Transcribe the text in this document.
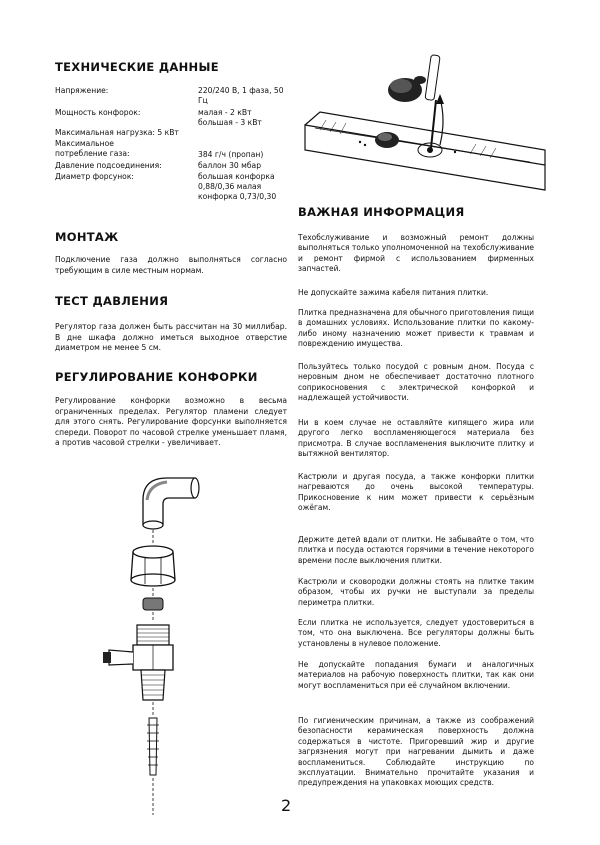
ТЕХНИЧЕСКИЕ ДАННЫЕ
Напряжение:	220/240 В, 1 фаза, 50 Гц
Мощность конфорок:	малая - 2 кВт большая - 3 кВт
Максимальная нагрузка: 5 кВт
Максимальное потребление газа:	384 г/ч (пропан)
Давление подсоединения:	баллон 30 мбар
Диаметр форсунок:	большая конфорка 0,88/0,36 малая конфорка 0,73/0,30
МОНТАЖ
Подключение газа должно выполняться согласно требующим в силе местным нормам.
ТЕСТ ДАВЛЕНИЯ
Регулятор газа должен быть рассчитан на 30 миллибар. В дне шкафа должно иметься выходное отверстие диаметром не менее 5 см.
РЕГУЛИРОВАНИЕ КОНФОРКИ
Регулирование конфорки возможно в весьма ограниченных пределах. Регулятор пламени следует для этого снять. Регулирование форсунки выполняется спереди. Поворот по часовой стрелке уменьшает пламя, а против часовой стрелки - увеличивает.
ВАЖНАЯ ИНФОРМАЦИЯ
Техобслуживание и возможный ремонт должны выполняться только уполномоченной на техобслуживание и ремонт фирмой с использованием фирменных запчастей.
Не допускайте зажима кабеля питания плитки.
Плитка предназначена для обычного приготовления пищи в домашних условиях. Использование плитки по какому-либо иному назначению может привести к травмам и повреждению имущества.
Пользуйтесь только посудой с ровным дном. Посуда с неровным дном не обеспечивает достаточно плотного соприкосновения с электрической конфоркой и надлежащей устойчивости.
Ни в коем случае не оставляйте кипящего жира или другого легко воспламеняющегося материала без присмотра. В случае воспламенения выключите плитку и вытяжной вентилятор.
Кастрюли и другая посуда, а также конфорки плитки нагреваются до очень высокой температуры. Прикосновение к ним может привести к серьёзным ожёгам.
Держите детей вдали от плитки. Не забывайте о том, что плитка и посуда остаются горячими в течение некоторого времени после выключения плитки.
Кастрюли и сковородки должны стоять на плитке таким образом, чтобы их ручки не выступали за пределы периметра плитки.
Если плитка не используется, следует удостовериться в том, что она выключена. Все регуляторы должны быть установлены в нулевое положение.
Не допускайте попадания бумаги и аналогичных материалов на рабочую поверхность плитки, так как они могут воспламениться при её случайном включении.
По гигиеническим причинам, а также из соображений безопасности керамическая поверхность должна содержаться в чистоте. Пригоревший жир и другие загрязнения могут при нагревании дымить и даже воспламениться. Соблюдайте инструкцию по эксплуатации. Внимательно прочитайте указания и предупреждения на упаковках моющих средств.
2
